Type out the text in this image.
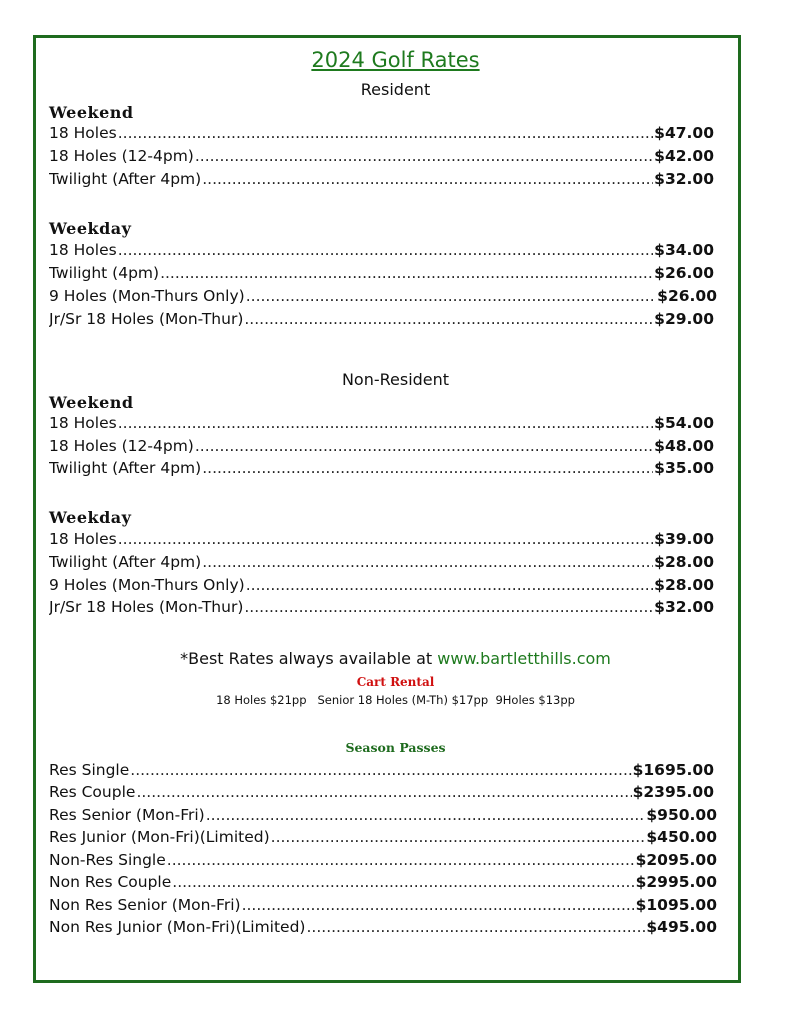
2024 Golf Rates
Resident
Weekend
18 Holes .....	$47.00
18 Holes (12-4pm) .....	$42.00
Twilight (After 4pm) .....	$32.00
Weekday
18 Holes .....	$34.00
Twilight (4pm) .....	$26.00
9 Holes (Mon-Thurs Only) .....	$26.00
Jr/Sr 18 Holes (Mon-Thur) .....	$29.00
Non-Resident
Weekend
18 Holes .....	$54.00
18 Holes (12-4pm) .....	$48.00
Twilight (After 4pm) .....	$35.00
Weekday
18 Holes .....	$39.00
Twilight (After 4pm) .....	$28.00
9 Holes (Mon-Thurs Only) .....	$28.00
Jr/Sr 18 Holes (Mon-Thur) .....	$32.00
*Best Rates always available at www.bartletthills.com
Cart Rental
18 Holes $21pp   Senior 18 Holes (M-Th) $17pp  9Holes $13pp
Season Passes
Res Single .....	$1695.00
Res Couple .....	$2395.00
Res Senior (Mon-Fri) .....	$950.00
Res Junior (Mon-Fri)(Limited) .....	$450.00
Non-Res Single .....	$2095.00
Non Res Couple .....	$2995.00
Non Res Senior (Mon-Fri) .....	$1095.00
Non Res Junior (Mon-Fri)(Limited) .....	$495.00
